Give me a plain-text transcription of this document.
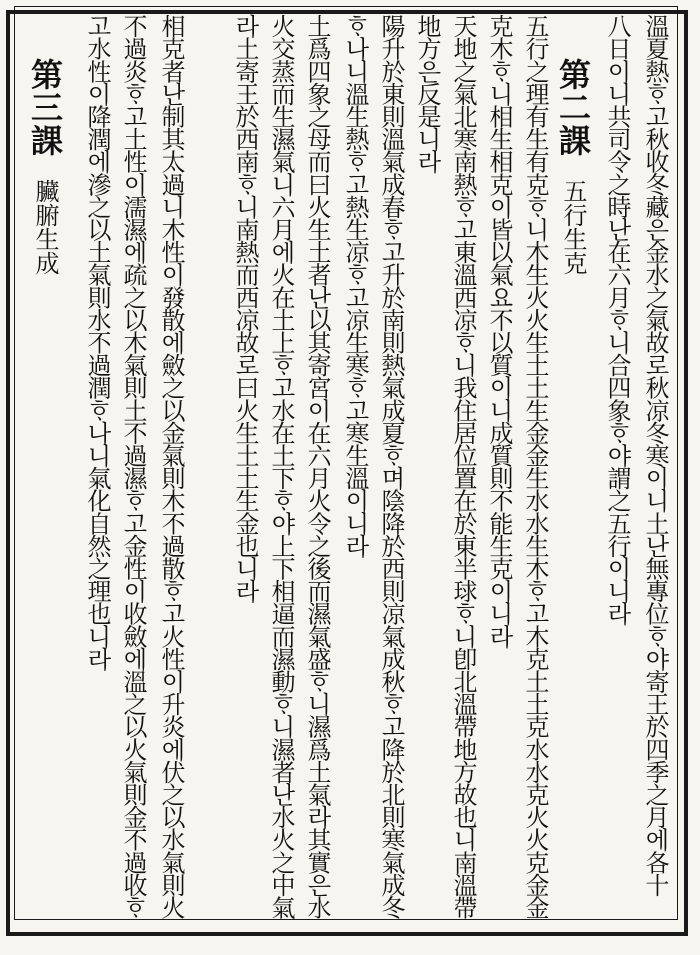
溫夏熱ᄒᆞ고秋收冬藏은金水之氣故로秋凉冬寒이니土난無專位ᄒᆞ야寄王於四季之月에各十
八日이니共司令之時난在六月ᄒᆞ니合四象ᄒᆞ야謂之五行이니라
第二課五行生克
五行之理有生有克ᄒᆞ니木生火火生土土生金金生水水生木ᄒᆞ고木克土土克水水克火火克金金
克木ᄒᆞ니相生相克이皆以氣요不以質이니成質則不能生克이니라
天地之氣北寒南熱ᄒᆞ고東溫西凉ᄒᆞ니我住居位置在於東半球ᄒᆞ니卽北溫帶地方故也니南溫帶
地方은反是니라
陽升於東則溫氣成春ᄒᆞ고升於南則熱氣成夏ᄒᆞ며陰降於西則凉氣成秋ᄒᆞ고降於北則寒氣成冬
ᄒᆞ나니溫生熱ᄒᆞ고熱生凉ᄒᆞ고凉生寒ᄒᆞ고寒生溫이니라
土爲四象之母而曰火生土者난以其寄宮이在六月火令之後而濕氣盛ᄒᆞ니濕爲土氣라其實은水
火交蒸而生濕氣니六月에火在土上ᄒᆞ고水在土下ᄒᆞ야上下相逼而濕動ᄒᆞ니濕者난水火之中氣
라土寄王於西南ᄒᆞ니南熱而西凉故로曰火生土土生金也니라
相克者난制其太過니木性이發散에斂之以金氣則木不過散ᄒᆞ고火性이升炎에伏之以水氣則火
不過炎ᄒᆞ고土性이濡濕에疏之以木氣則土不過濕ᄒᆞ고金性이收斂에溫之以火氣則金不過收ᄒᆞ
고水性이降潤에滲之以土氣則水不過潤ᄒᆞ나니氣化自然之理也니라
第三課臟腑生成
